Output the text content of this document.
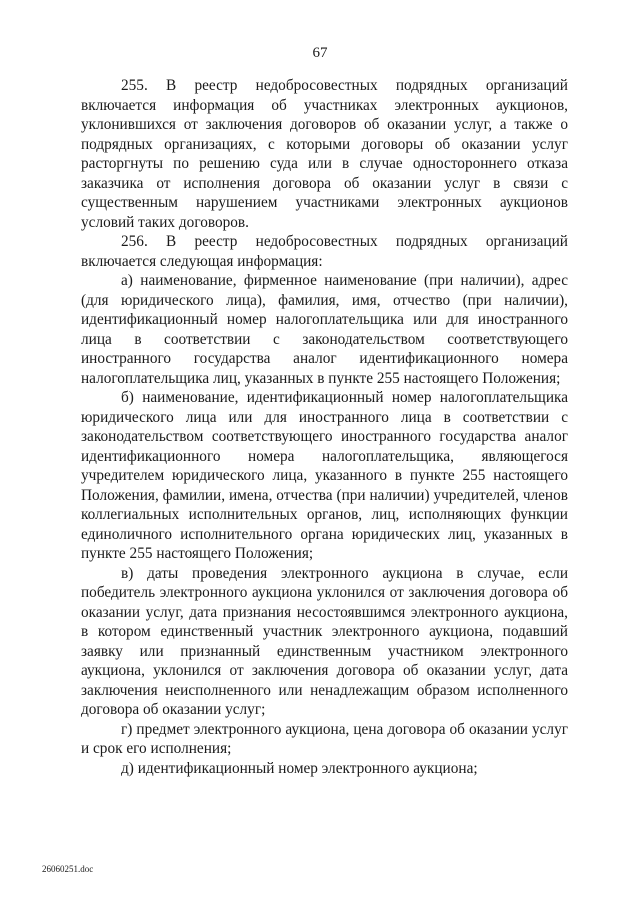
67

255. В реестр недобросовестных подрядных организаций включается информация об участниках электронных аукционов, уклонившихся от заключения договоров об оказании услуг, а также о подрядных организациях, с которыми договоры об оказании услуг расторгнуты по решению суда или в случае одностороннего отказа заказчика от исполнения договора об оказании услуг в связи с существенным нарушением участниками электронных аукционов условий таких договоров.

256. В реестр недобросовестных подрядных организаций включается следующая информация:

а) наименование, фирменное наименование (при наличии), адрес (для юридического лица), фамилия, имя, отчество (при наличии), идентификационный номер налогоплательщика или для иностранного лица в соответствии с законодательством соответствующего иностранного государства аналог идентификационного номера налогоплательщика лиц, указанных в пункте 255 настоящего Положения;

б) наименование, идентификационный номер налогоплательщика юридического лица или для иностранного лица в соответствии с законодательством соответствующего иностранного государства аналог идентификационного номера налогоплательщика, являющегося учредителем юридического лица, указанного в пункте 255 настоящего Положения, фамилии, имена, отчества (при наличии) учредителей, членов коллегиальных исполнительных органов, лиц, исполняющих функции единоличного исполнительного органа юридических лиц, указанных в пункте 255 настоящего Положения;

в) даты проведения электронного аукциона в случае, если победитель электронного аукциона уклонился от заключения договора об оказании услуг, дата признания несостоявшимся электронного аукциона, в котором единственный участник электронного аукциона, подавший заявку или признанный единственным участником электронного аукциона, уклонился от заключения договора об оказании услуг, дата заключения неисполненного или ненадлежащим образом исполненного договора об оказании услуг;

г) предмет электронного аукциона, цена договора об оказании услуг и срок его исполнения;

д) идентификационный номер электронного аукциона;

26060251.doc
